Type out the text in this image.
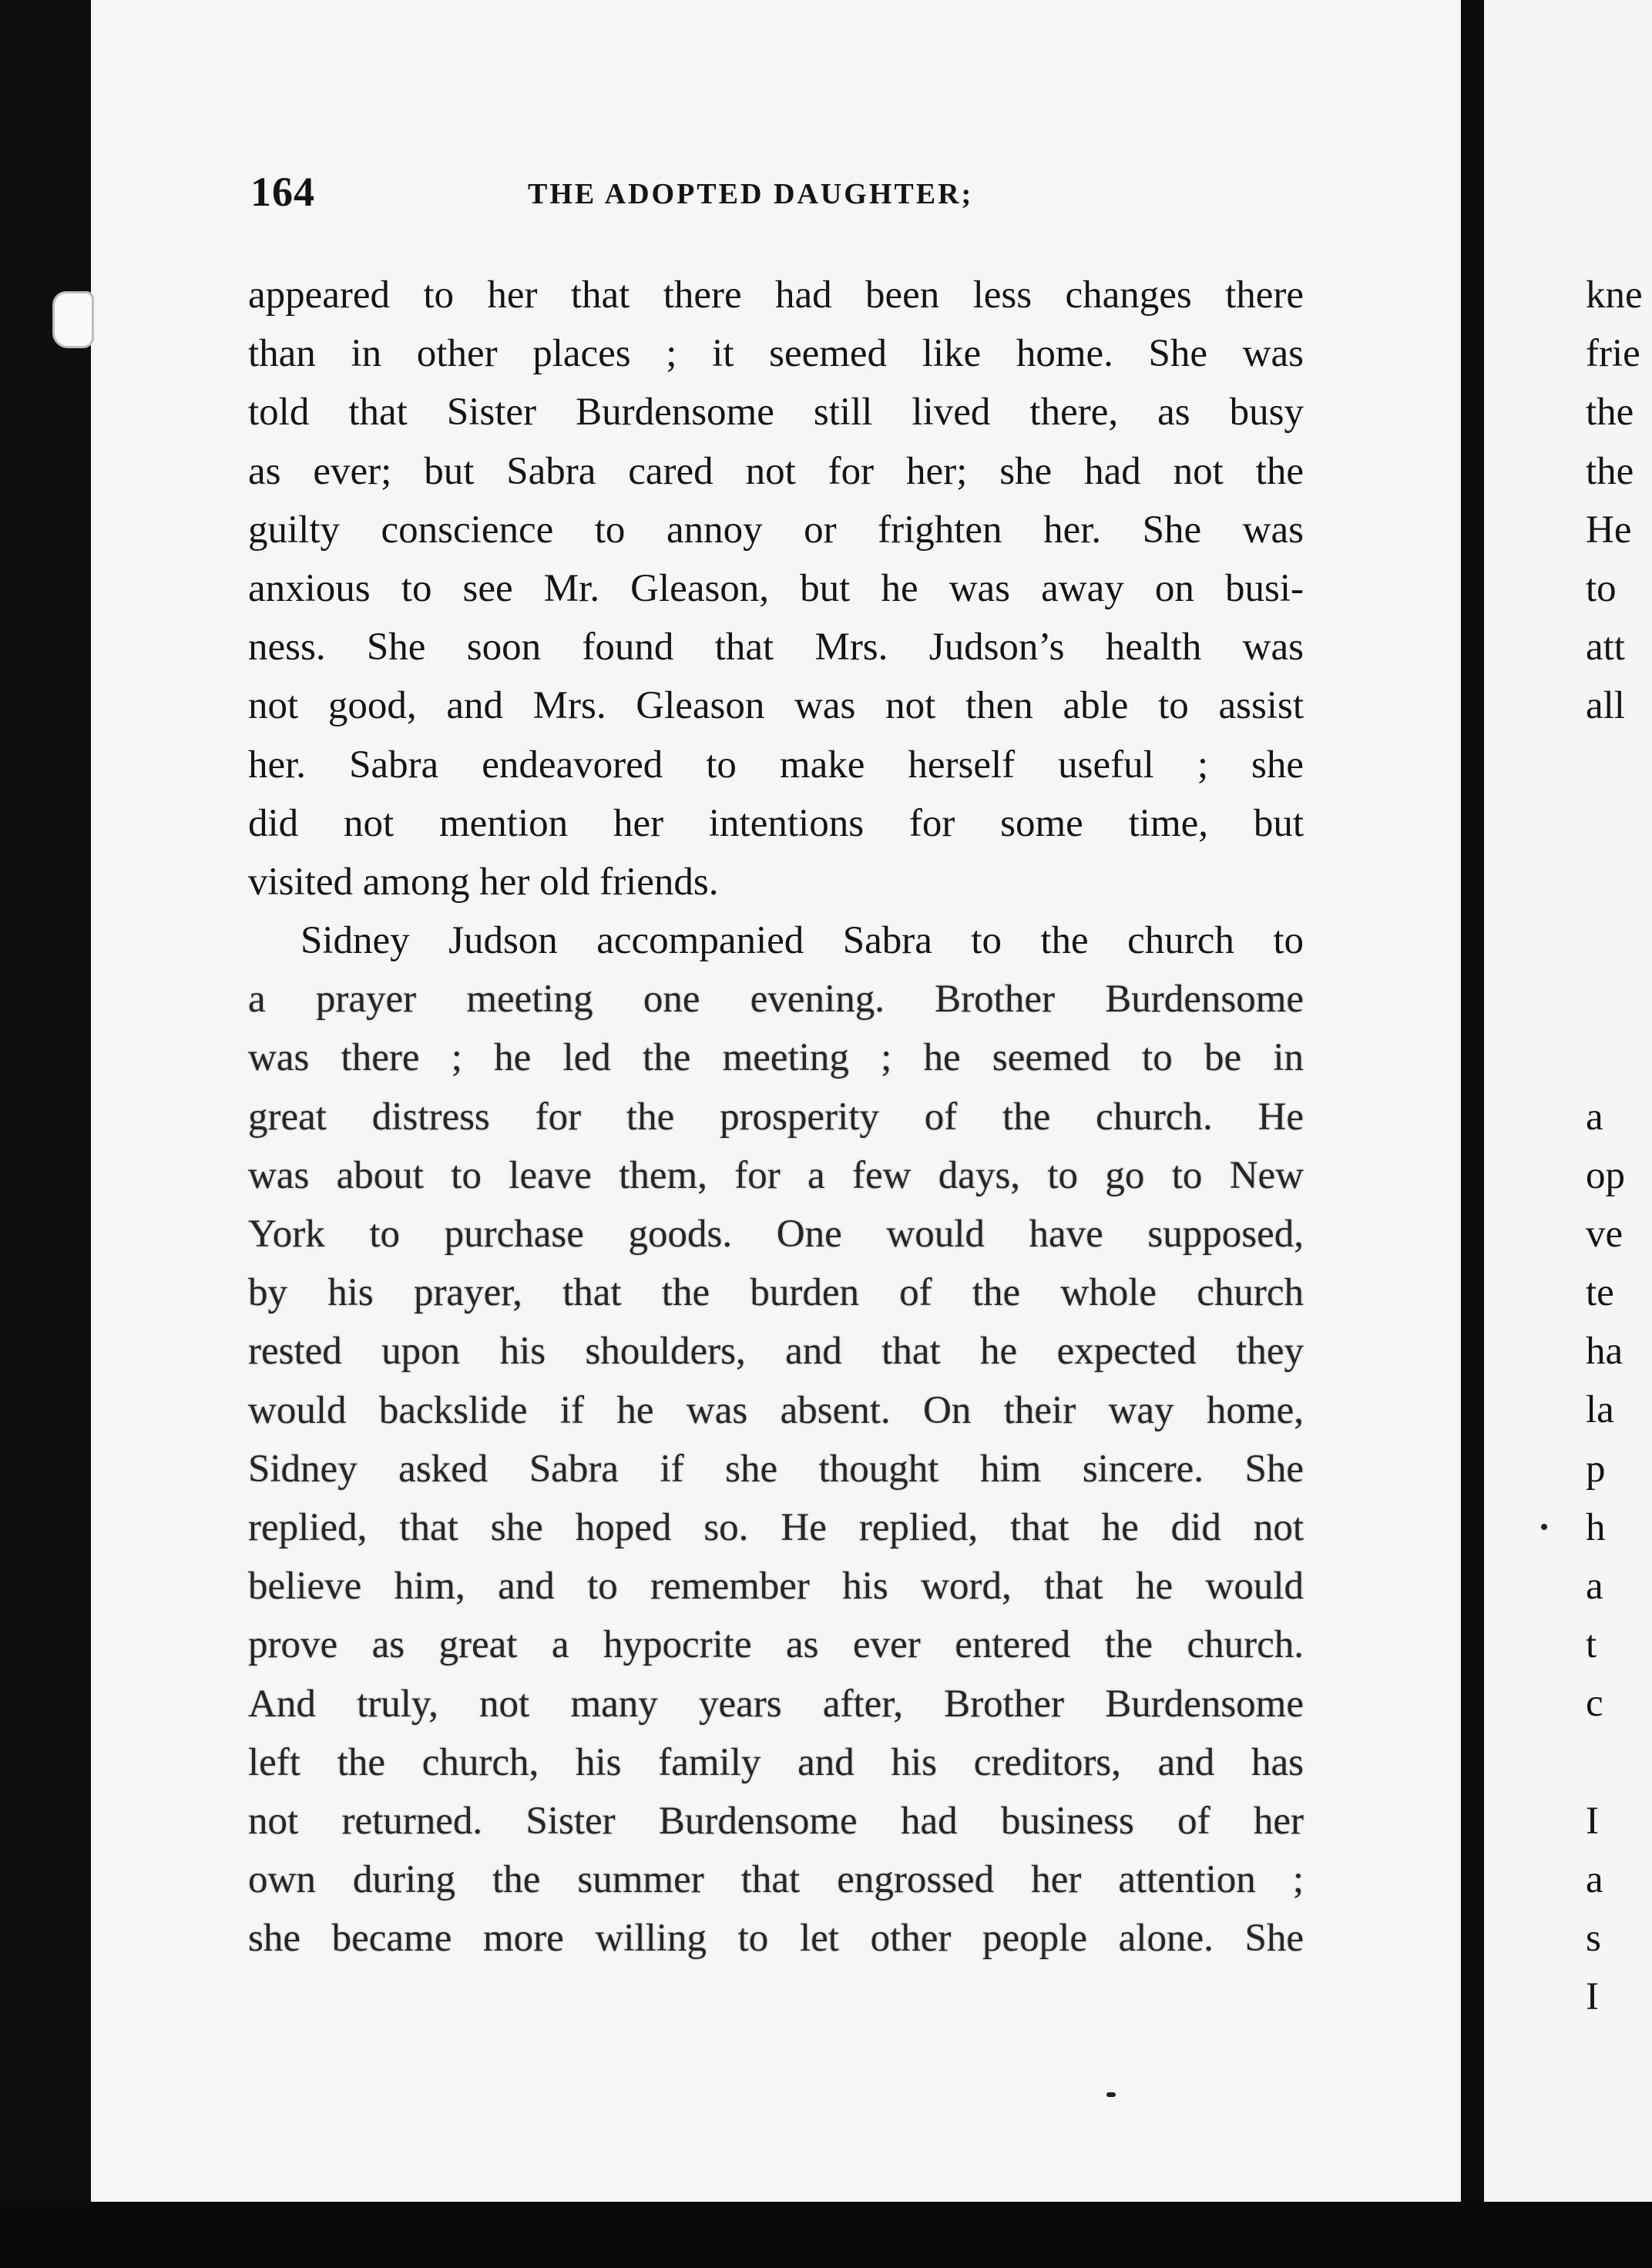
164	THE ADOPTED DAUGHTER;
appeared to her that there had been less changes there
than in other places ; it seemed like home. She was
told that Sister Burdensome still lived there, as busy
as ever; but Sabra cared not for her; she had not the
guilty conscience to annoy or frighten her. She was
anxious to see Mr. Gleason, but he was away on busi-
ness. She soon found that Mrs. Judson’s health was
not good, and Mrs. Gleason was not then able to assist
her. Sabra endeavored to make herself useful ; she
did not mention her intentions for some time, but
visited among her old friends.
Sidney Judson accompanied Sabra to the church to
a prayer meeting one evening. Brother Burdensome
was there ; he led the meeting ; he seemed to be in
great distress for the prosperity of the church. He
was about to leave them, for a few days, to go to New
York to purchase goods. One would have supposed,
by his prayer, that the burden of the whole church
rested upon his shoulders, and that he expected they
would backslide if he was absent. On their way home,
Sidney asked Sabra if she thought him sincere. She
replied, that she hoped so. He replied, that he did not
believe him, and to remember his word, that he would
prove as great a hypocrite as ever entered the church.
And truly, not many years after, Brother Burdensome
left the church, his family and his creditors, and has
not returned. Sister Burdensome had business of her
own during the summer that engrossed her attention ;
she became more willing to let other people alone. She
kne
frie
the
the
He
to
att
all
a
op
ve
te
ha
la
p
h
a
t
c
I
a
s
I
